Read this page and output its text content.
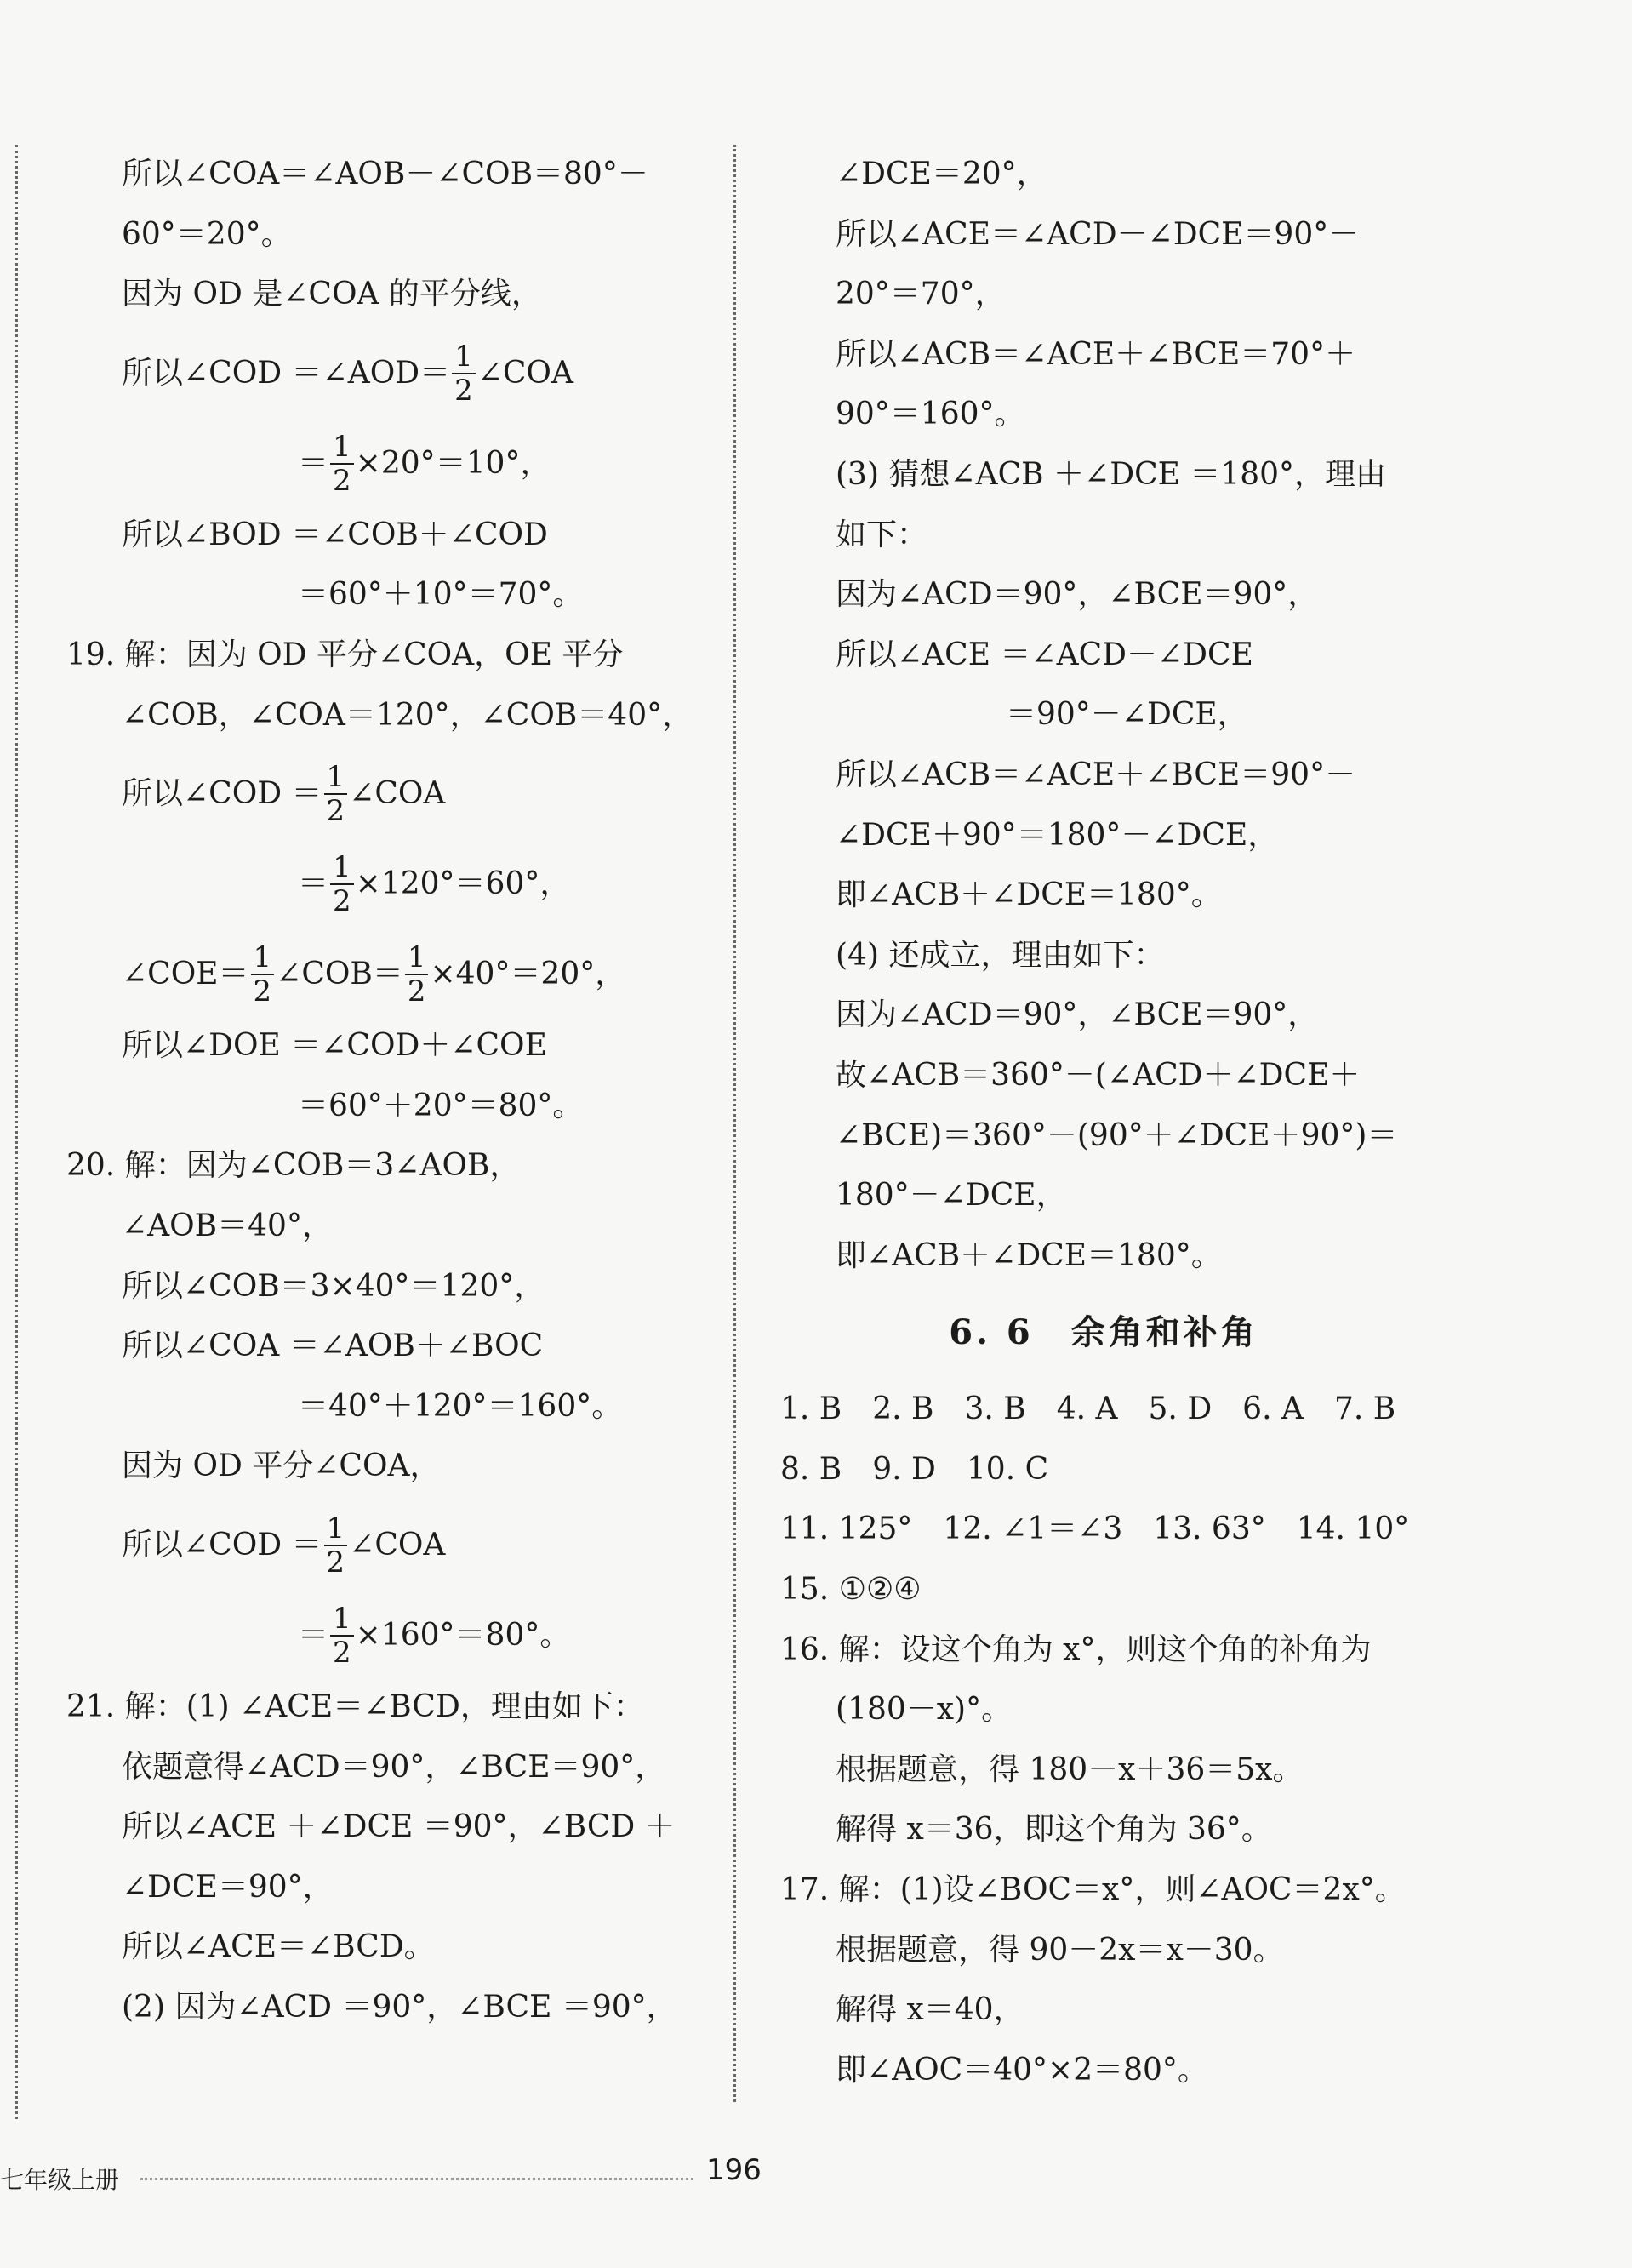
所以∠COA＝∠AOB－∠COB＝80°－
60°＝20°。
因为 OD 是∠COA 的平分线，
所以∠COD ＝∠AOD＝ $\frac{1}{2}$ ∠COA
＝ $\frac{1}{2} \times 20^\circ=10^\circ$，
所以∠BOD ＝∠COB＋∠COD
＝60°＋10°＝70°。
19. 解：因为 OD 平分∠COA，OE 平分
∠COB，∠COA＝120°，∠COB＝40°，
所以∠COD ＝ $\frac{1}{2}$ ∠COA
＝ $\frac{1}{2} \times 120^\circ=60^\circ$，
∠COE＝ $\frac{1}{2}$ ∠COB＝ $\frac{1}{2} \times 40^\circ=20^\circ$，
所以∠DOE ＝∠COD＋∠COE
＝60°＋20°＝80°。
20. 解：因为∠COB＝3∠AOB，
∠AOB＝40°，
所以∠COB＝3×40°＝120°，
所以∠COA ＝∠AOB＋∠BOC
＝40°＋120°＝160°。
因为 OD 平分∠COA，
所以∠COD ＝ $\frac{1}{2}$ ∠COA
＝ $\frac{1}{2} \times 160^\circ=80^\circ$。
21. 解：(1) ∠ACE＝∠BCD，理由如下：
依题意得∠ACD＝90°，∠BCE＝90°，
所以∠ACE ＋∠DCE ＝90°，∠BCD ＋
∠DCE＝90°，
所以∠ACE＝∠BCD。
(2) 因为∠ACD ＝90°，∠BCE ＝90°，
∠DCE＝20°，
所以∠ACE＝∠ACD－∠DCE＝90°－
20°＝70°，
所以∠ACB＝∠ACE＋∠BCE＝70°＋
90°＝160°。
(3) 猜想∠ACB ＋∠DCE ＝180°，理由
如下：
因为∠ACD＝90°，∠BCE＝90°，
所以∠ACE ＝∠ACD－∠DCE
＝90°－∠DCE，
所以∠ACB＝∠ACE＋∠BCE＝90°－
∠DCE＋90°＝180°－∠DCE，
即∠ACB＋∠DCE＝180°。
(4) 还成立，理由如下：
因为∠ACD＝90°，∠BCE＝90°，
故∠ACB＝360°－(∠ACD＋∠DCE＋
∠BCE)＝360°－(90°＋∠DCE＋90°)＝
180°－∠DCE，
即∠ACB＋∠DCE＝180°。
6. 6　余角和补角
1. B　2. B　3. B　4. A　5. D　6. A　7. B
8. B　9. D　10. C
11. 125°　12. ∠1＝∠3　13. 63°　14. 10°
15. ①②④
16. 解：设这个角为 x°，则这个角的补角为
(180－x)°。
根据题意，得 180－x＋36＝5x。
解得 x＝36，即这个角为 36°。
17. 解：(1)设∠BOC＝x°，则∠AOC＝2x°。
根据题意，得 90－2x＝x－30。
解得 x＝40，
即∠AOC＝40°×2＝80°。
七年级上册	196
